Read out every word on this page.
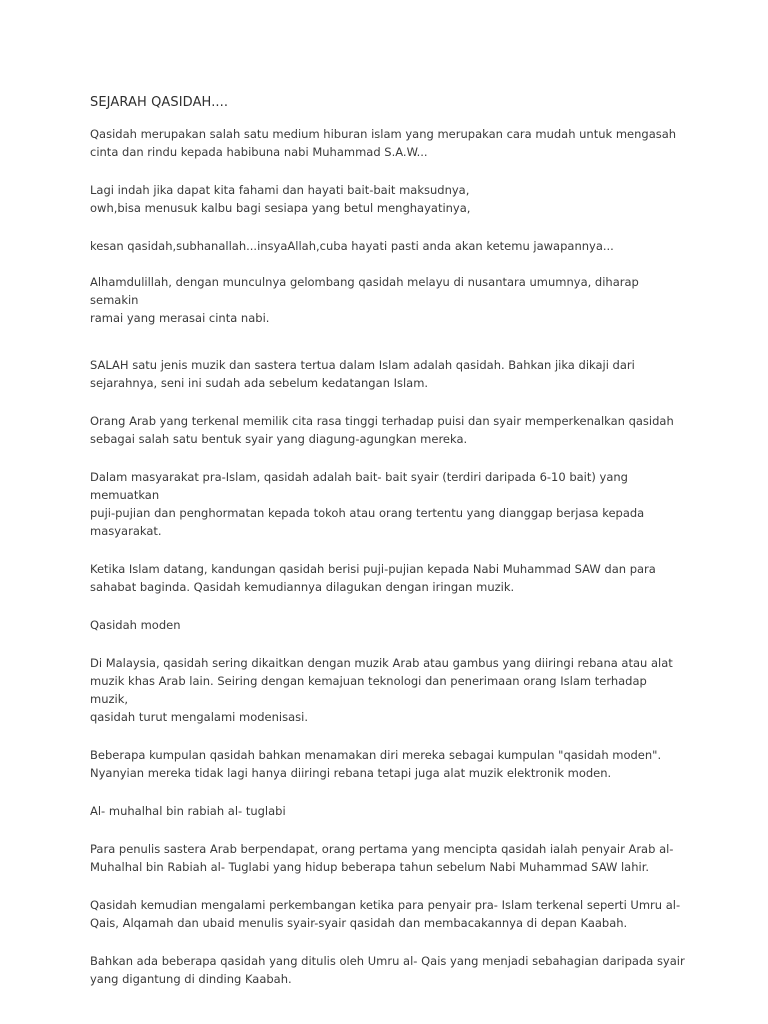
SEJARAH QASIDAH....

Qasidah merupakan salah satu medium hiburan islam yang merupakan cara mudah untuk mengasah
cinta dan rindu kepada habibuna nabi Muhammad S.A.W...

Lagi indah jika dapat kita fahami dan hayati bait-bait maksudnya,
owh,bisa menusuk kalbu bagi sesiapa yang betul menghayatinya,

kesan qasidah,subhanallah...insyaAllah,cuba hayati pasti anda akan ketemu jawapannya...

Alhamdulillah, dengan munculnya gelombang qasidah melayu di nusantara umumnya, diharap semakin
ramai yang merasai cinta nabi.

SALAH satu jenis muzik dan sastera tertua dalam Islam adalah qasidah. Bahkan jika dikaji dari
sejarahnya, seni ini sudah ada sebelum kedatangan Islam.

Orang Arab yang terkenal memilik cita rasa tinggi terhadap puisi dan syair memperkenalkan qasidah
sebagai salah satu bentuk syair yang diagung-agungkan mereka.

Dalam masyarakat pra-Islam, qasidah adalah bait- bait syair (terdiri daripada 6-10 bait) yang memuatkan
puji-pujian dan penghormatan kepada tokoh atau orang tertentu yang dianggap berjasa kepada
masyarakat.

Ketika Islam datang, kandungan qasidah berisi puji-pujian kepada Nabi Muhammad SAW dan para
sahabat baginda. Qasidah kemudiannya dilagukan dengan iringan muzik.

Qasidah moden

Di Malaysia, qasidah sering dikaitkan dengan muzik Arab atau gambus yang diiringi rebana atau alat
muzik khas Arab lain. Seiring dengan kemajuan teknologi dan penerimaan orang Islam terhadap muzik,
qasidah turut mengalami modenisasi.

Beberapa kumpulan qasidah bahkan menamakan diri mereka sebagai kumpulan "qasidah moden".
Nyanyian mereka tidak lagi hanya diiringi rebana tetapi juga alat muzik elektronik moden.

Al- muhalhal bin rabiah al- tuglabi

Para penulis sastera Arab berpendapat, orang pertama yang mencipta qasidah ialah penyair Arab al-
Muhalhal bin Rabiah al- Tuglabi yang hidup beberapa tahun sebelum Nabi Muhammad SAW lahir.

Qasidah kemudian mengalami perkembangan ketika para penyair pra- Islam terkenal seperti Umru al-
Qais, Alqamah dan ubaid menulis syair-syair qasidah dan membacakannya di depan Kaabah.

Bahkan ada beberapa qasidah yang ditulis oleh Umru al- Qais yang menjadi sebahagian daripada syair
yang digantung di dinding Kaabah.
